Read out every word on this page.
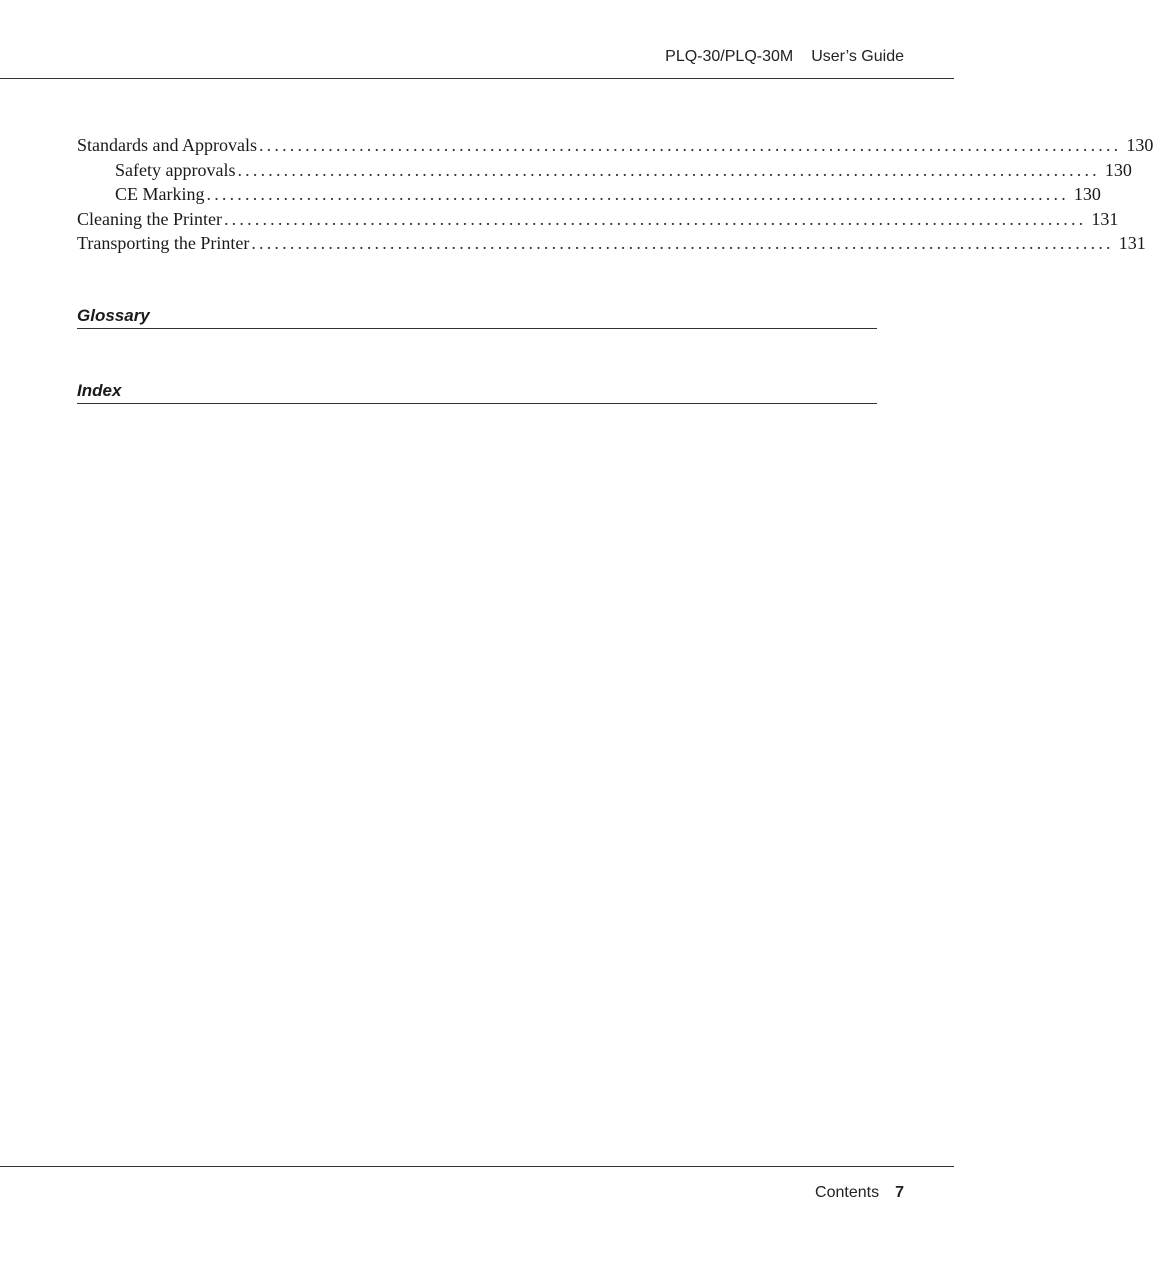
PLQ-30/PLQ-30M User’s Guide
Standards and Approvals ................................................................................................................ 130
Safety approvals ................................................................................................................ 130
CE Marking ................................................................................................................ 130
Cleaning the Printer ................................................................................................................ 131
Transporting the Printer ................................................................................................................ 131
Glossary
Index
Contents 7
